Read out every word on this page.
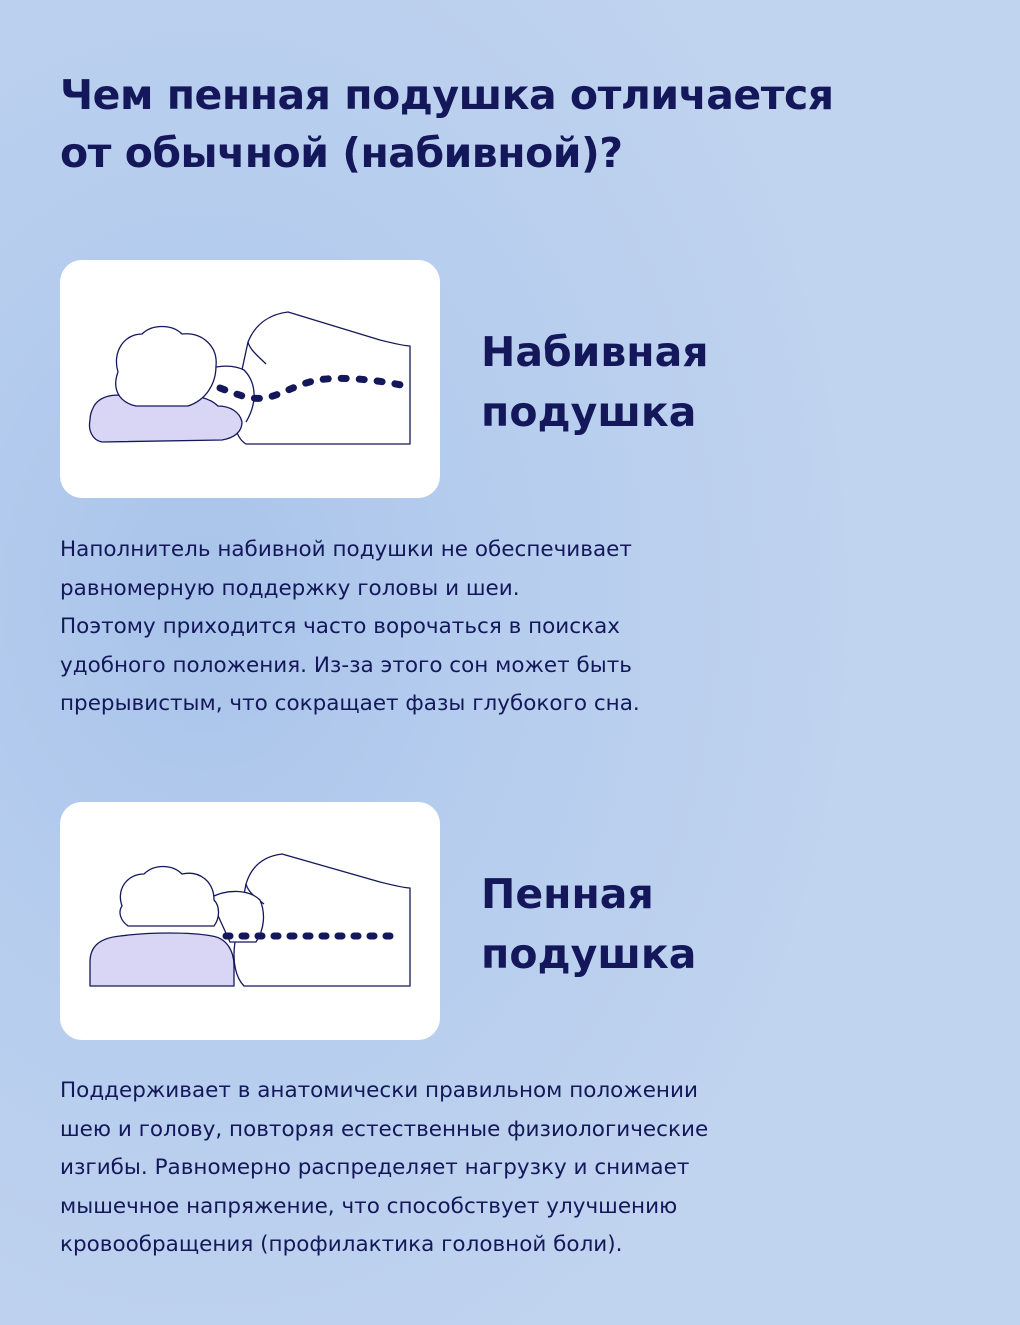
Чем пенная подушка отличается
от обычной (набивной)?
Набивная
подушка
Наполнитель набивной подушки не обеспечивает
равномерную поддержку головы и шеи.
Поэтому приходится часто ворочаться в поисках
удобного положения. Из-за этого сон может быть
прерывистым, что сокращает фазы глубокого сна.
Пенная
подушка
Поддерживает в анатомически правильном положении
шею и голову, повторяя естественные физиологические
изгибы. Равномерно распределяет нагрузку и снимает
мышечное напряжение, что способствует улучшению
кровообращения (профилактика головной боли).
